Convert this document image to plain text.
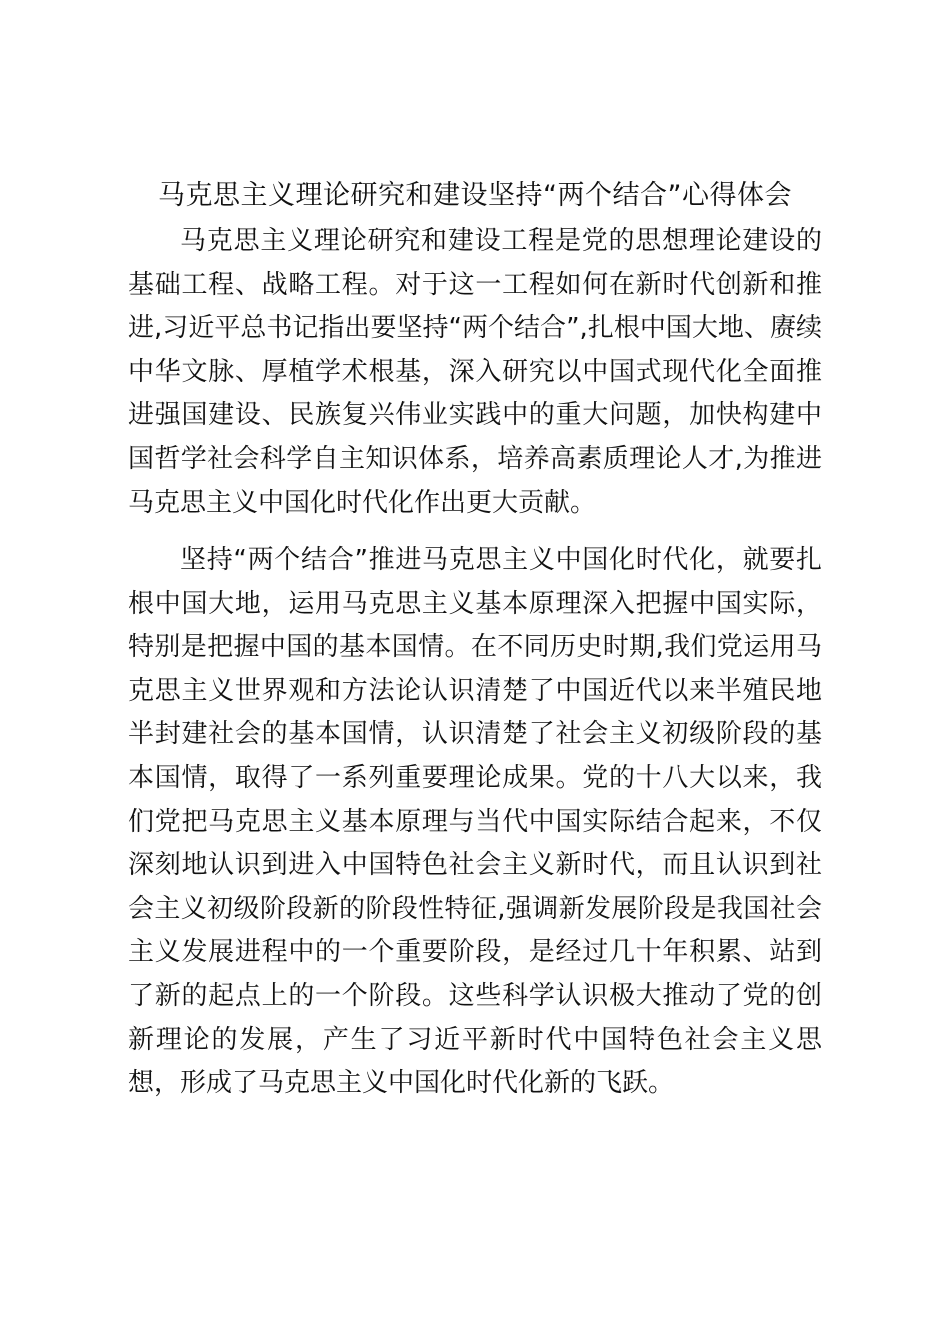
马克思主义理论研究和建设坚持“两个结合”心得体会

马克思主义理论研究和建设工程是党的思想理论建设的基础工程、战略工程。对于这一工程如何在新时代创新和推进,习近平总书记指出要坚持“两个结合”,扎根中国大地、赓续中华文脉、厚植学术根基，深入研究以中国式现代化全面推进强国建设、民族复兴伟业实践中的重大问题，加快构建中国哲学社会科学自主知识体系，培养高素质理论人才,为推进马克思主义中国化时代化作出更大贡献。

坚持“两个结合”推进马克思主义中国化时代化，就要扎根中国大地，运用马克思主义基本原理深入把握中国实际，特别是把握中国的基本国情。在不同历史时期,我们党运用马克思主义世界观和方法论认识清楚了中国近代以来半殖民地半封建社会的基本国情，认识清楚了社会主义初级阶段的基本国情，取得了一系列重要理论成果。党的十八大以来，我们党把马克思主义基本原理与当代中国实际结合起来，不仅深刻地认识到进入中国特色社会主义新时代，而且认识到社会主义初级阶段新的阶段性特征,强调新发展阶段是我国社会主义发展进程中的一个重要阶段，是经过几十年积累、站到了新的起点上的一个阶段。这些科学认识极大推动了党的创新理论的发展，产生了习近平新时代中国特色社会主义思想，形成了马克思主义中国化时代化新的飞跃。
